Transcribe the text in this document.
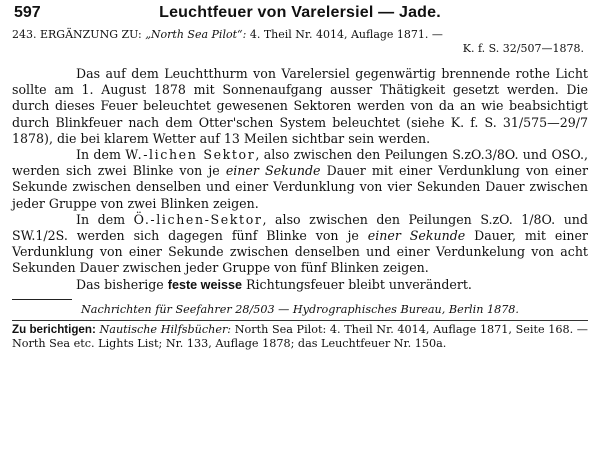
597	Leuchtfeuer von Varelersiel — Jade.
243. ERGÄNZUNG ZU: „North Sea Pilot“: 4. Theil Nr. 4014, Auflage 1871. —
K. f. S. 32/507—1878.

Das auf dem Leuchtthurm von Varelersiel gegenwärtig brennende rothe Licht sollte am 1. August 1878 mit Sonnenaufgang ausser Thätigkeit gesetzt werden. Die durch dieses Feuer beleuchtet gewesenen Sektoren werden von da an wie beabsichtigt durch Blinkfeuer nach dem Otter'schen System beleuchtet (siehe K. f. S. 31/575—29/7 1878), die bei klarem Wetter auf 13 Meilen sichtbar sein werden.

In dem W.-lichen Sektor, also zwischen den Peilungen S.zO.3/8O. und OSO., werden sich zwei Blinke von je einer Sekunde Dauer mit einer Verdunklung von einer Sekunde zwischen denselben und einer Verdunklung von vier Sekunden Dauer zwischen jeder Gruppe von zwei Blinken zeigen.

In dem Ö.-lichen-Sektor, also zwischen den Peilungen S.zO. 1/8O. und SW.1/2S. werden sich dagegen fünf Blinke von je einer Sekunde Dauer, mit einer Verdunklung von einer Sekunde zwischen denselben und einer Verdunkelung von acht Sekunden Dauer zwischen jeder Gruppe von fünf Blinken zeigen.

Das bisherige feste weisse Richtungsfeuer bleibt unverändert.

Nachrichten für Seefahrer 28/503 — Hydrographisches Bureau, Berlin 1878.
Zu berichtigen: Nautische Hilfsbücher: North Sea Pilot: 4. Theil Nr. 4014, Auflage 1871, Seite 168. — North Sea etc. Lights List; Nr. 133, Auflage 1878; das Leuchtfeuer Nr. 150a.
